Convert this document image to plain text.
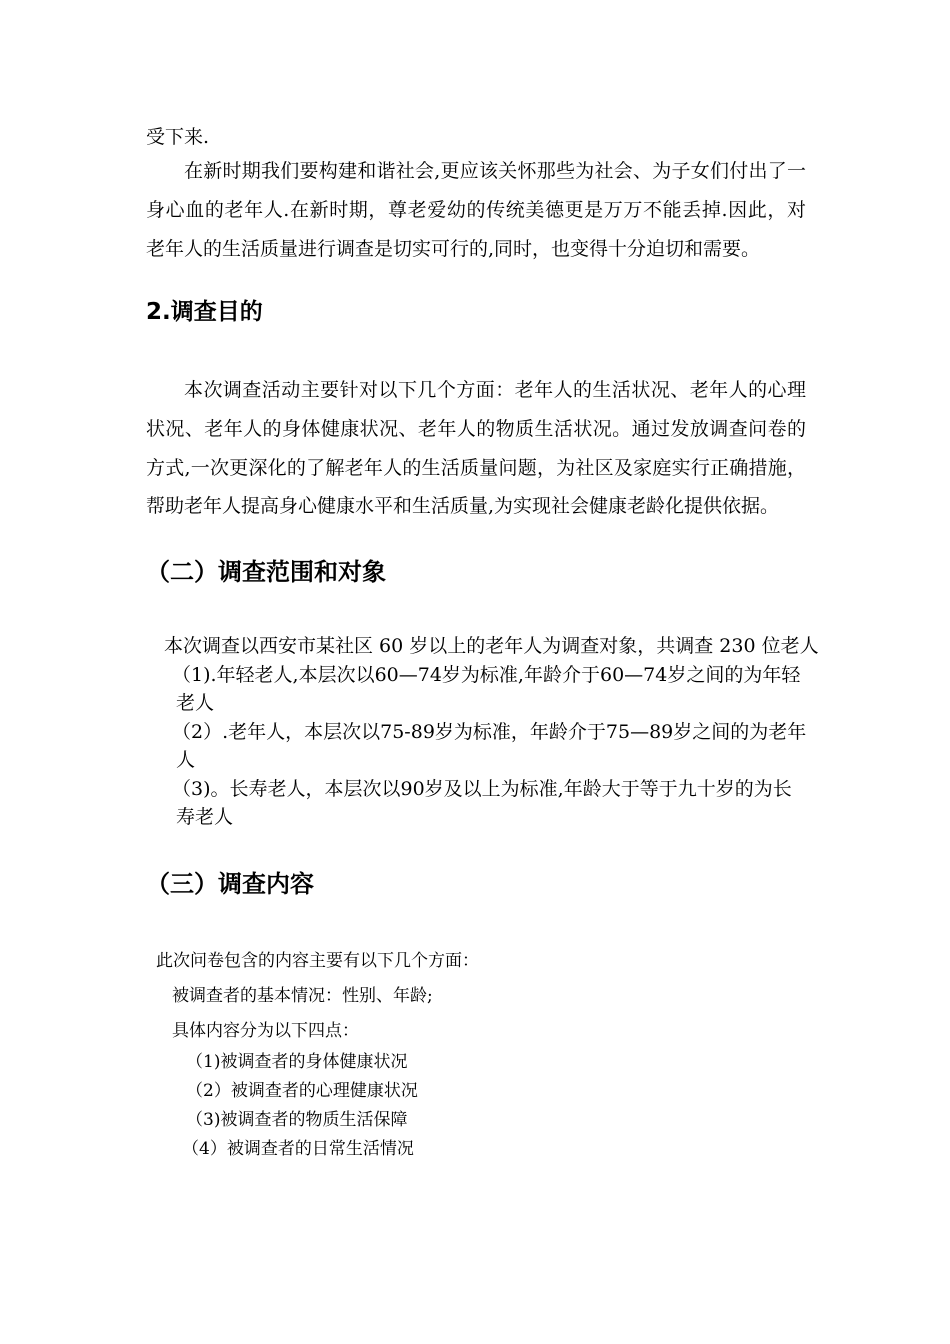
受下来.
在新时期我们要构建和谐社会,更应该关怀那些为社会、为子女们付出了一
身心血的老年人.在新时期，尊老爱幼的传统美德更是万万不能丢掉.因此，对
老年人的生活质量进行调查是切实可行的,同时，也变得十分迫切和需要。
2.调查目的
本次调查活动主要针对以下几个方面：老年人的生活状况、老年人的心理
状况、老年人的身体健康状况、老年人的物质生活状况。通过发放调查问卷的
方式,一次更深化的了解老年人的生活质量问题，为社区及家庭实行正确措施，
帮助老年人提高身心健康水平和生活质量,为实现社会健康老龄化提供依据。
（二）调查范围和对象
本次调查以西安市某社区 60 岁以上的老年人为调查对象，共调查 230 位老人
（1).年轻老人,本层次以60—74岁为标准,年龄介于60—74岁之间的为年轻
老人
（2）.老年人，本层次以75-89岁为标准，年龄介于75—89岁之间的为老年
人
（3)。长寿老人，本层次以90岁及以上为标准,年龄大于等于九十岁的为长
寿老人
（三）调查内容
此次问卷包含的内容主要有以下几个方面：
被调查者的基本情况：性别、年龄;
具体内容分为以下四点：
（1)被调查者的身体健康状况
（2）被调查者的心理健康状况
（3)被调查者的物质生活保障
（4）被调查者的日常生活情况
